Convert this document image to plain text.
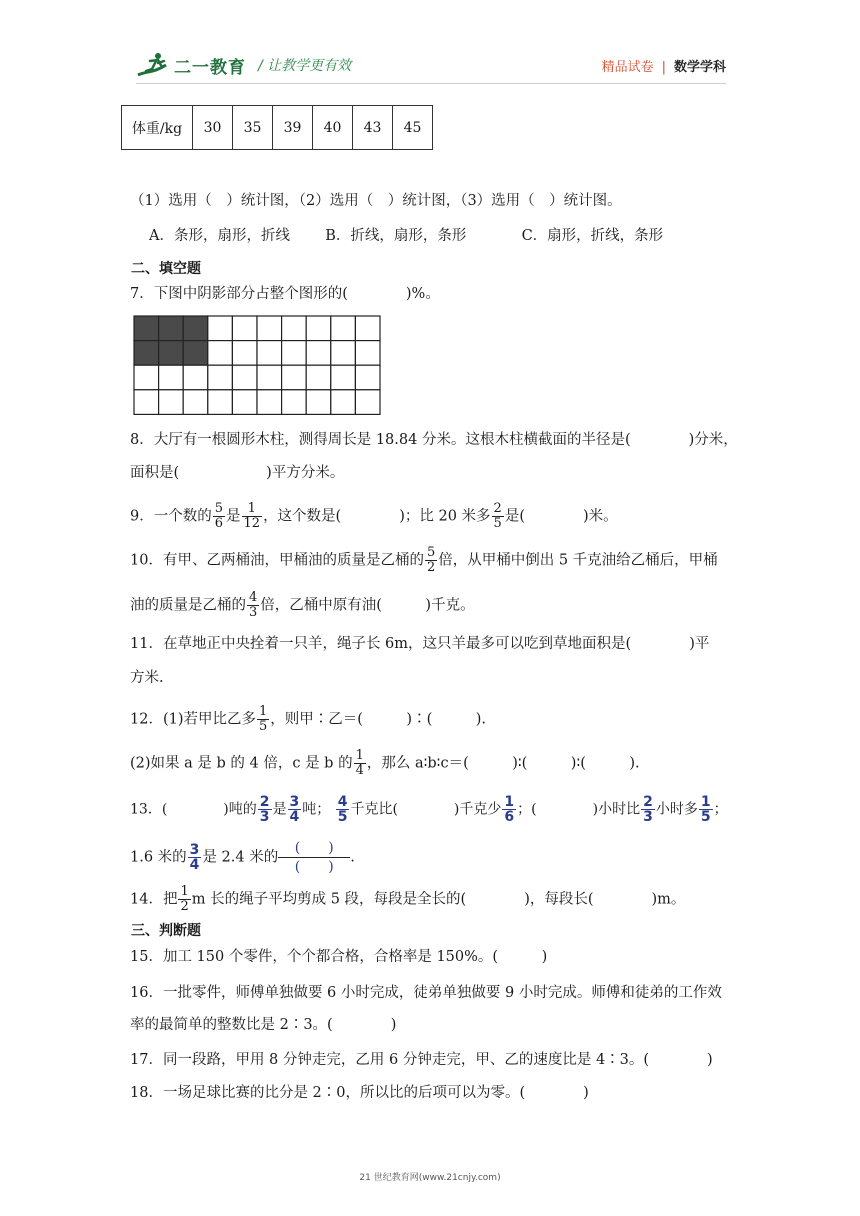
二一教育 / 让教学更有效	精品试卷 | 数学学科
体重/kg	30	35	39	40	43	45
（1）选用（　）统计图，（2）选用（　）统计图，（3）选用（　）统计图。
A．条形，扇形，折线 B．折线，扇形，条形	C．扇形，折线，条形
二、填空题
7．下图中阴影部分占整个图形的(　　　　)%。
8．大厅有一根圆形木柱，测得周长是 18.84 分米。这根木柱横截面的半径是(　　　　)分米，
面积是(　　　　　　)平方分米。
9．一个数的 $\frac{5}{6}$ 是 $\frac{1}{12}$ ，这个数是(　　　　)；比 20 米多 $\frac{2}{5}$ 是(　　　　)米。
10．有甲、乙两桶油，甲桶油的质量是乙桶的 $\frac{5}{2}$ 倍，从甲桶中倒出 5 千克油给乙桶后，甲桶
油的质量是乙桶的 $\frac{4}{3}$ 倍，乙桶中原有油(　　　)千克。
11．在草地正中央拴着一只羊，绳子长 6m，这只羊最多可以吃到草地面积是(　　　　)平
方米.
12．(1)若甲比乙多 $\frac{1}{5}$ ，则甲∶乙＝(　　　)∶(　　　).
(2)如果 a 是 b 的 4 倍，c 是 b 的 $\frac{1}{4}$ ，那么 a∶b∶c＝(　　　)∶(　　　)∶(　　　).
13．(　　　　)吨的 $\frac{2}{3}$ 是 $\frac{3}{4}$ 吨； $\frac{4}{5}$ 千克比(　　　　)千克少 $\frac{1}{6}$ ；(　　　　)小时比 $\frac{2}{3}$ 小时多 $\frac{1}{5}$ ；
1.6 米的 $\frac{3}{4}$ 是 2.4 米的 $\frac{( )}{( )}$.
14．把 $\frac{1}{2}$ m 长的绳子平均剪成 5 段，每段是全长的(　　　　)，每段长(　　　　)m。
三、判断题
15．加工 150 个零件，个个都合格，合格率是 150%。(　　　)
16．一批零件，师傅单独做要 6 小时完成，徒弟单独做要 9 小时完成。师傅和徒弟的工作效
率的最简单的整数比是 2∶3。(　　　　)
17．同一段路，甲用 8 分钟走完，乙用 6 分钟走完，甲、乙的速度比是 4∶3。(　　　　)
18．一场足球比赛的比分是 2∶0，所以比的后项可以为零。(　　　　)
21 世纪教育网(www.21cnjy.com)
